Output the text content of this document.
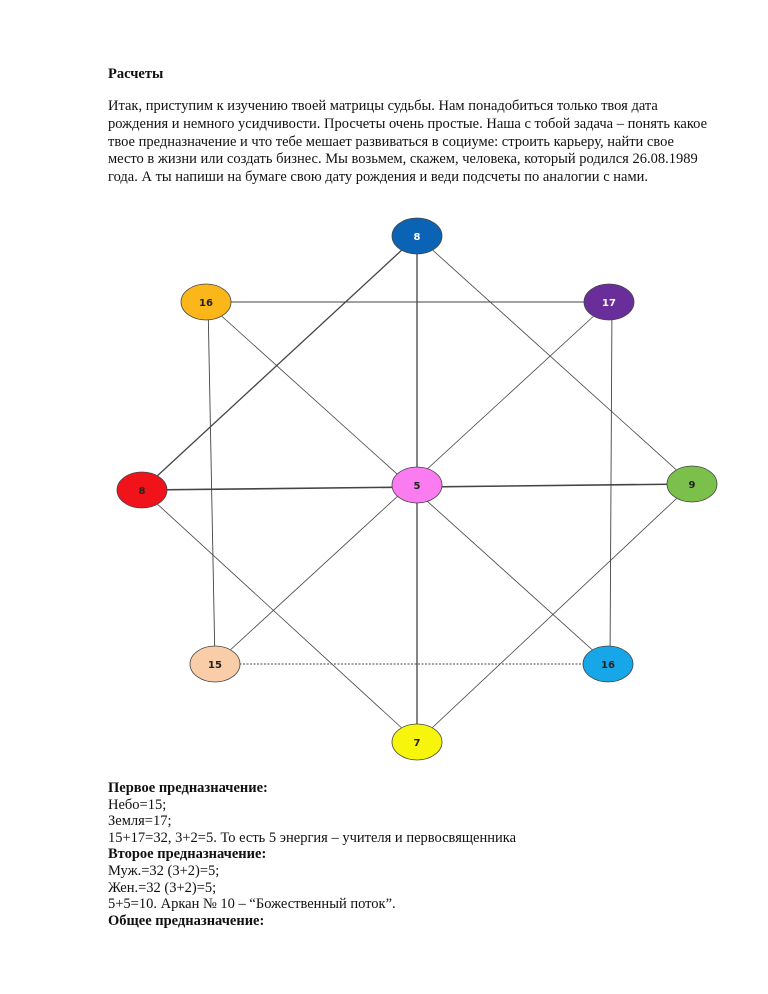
Расчеты

Итак, приступим к изучению твоей матрицы судьбы. Нам понадобиться только твоя дата рождения и немного усидчивости. Просчеты очень простые. Наша с тобой задача – понять какое твое предназначение и что тебе мешает развиваться в социуме: строить карьеру, найти свое место в жизни или создать бизнес. Мы возьмем, скажем, человека, который родился 26.08.1989 года. А ты напиши на бумаге свою дату рождения и веди подсчеты по аналогии с нами.

8
16	17
8	5	9
15	16
7
Первое предназначение:
Небо=15;
Земля=17;
15+17=32, 3+2=5. То есть 5 энергия – учителя и первосвященника
Второе предназначение:
Муж.=32 (3+2)=5;
Жен.=32 (3+2)=5;
5+5=10. Аркан № 10 – “Божественный поток”.
Общее предназначение:
